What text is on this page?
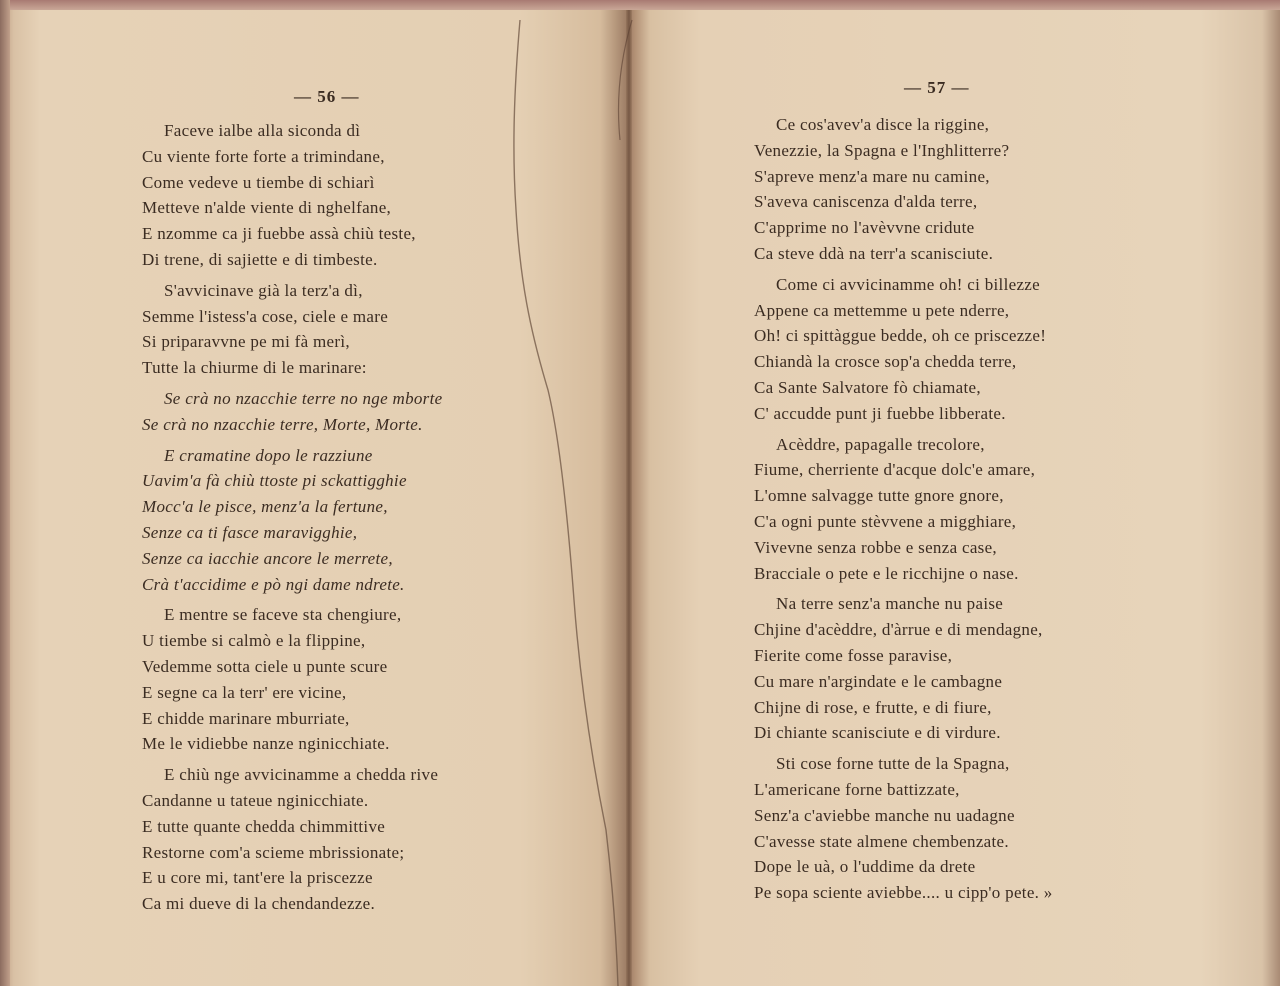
— 56 —
Faceve ialbe alla siconda dì
Cu viente forte forte a trimindane,
Come vedeve u tiembe di schiarì
Metteve n'alde viente di nghelfane,
E nzomme ca ji fuebbe assà chiù teste,
Di trene, di sajiette e di timbeste.
S'avvicinave già la terz'a dì,
Semme l'istess'a cose, ciele e mare
Si priparavvne pe mi fà merì,
Tutte la chiurme di le marinare:
Se crà no nzacchie terre no nge mborte
Se crà no nzacchie terre, Morte, Morte.
E cramatine dopo le razziune
Uavim'a fà chiù ttoste pi sckattigghie
Mocc'a le pisce, menz'a la fertune,
Senze ca ti fasce maravigghie,
Senze ca iacchie ancore le merrete,
Crà t'accidime e pò ngi dame ndrete.
E mentre se faceve sta chengiure,
U tiembe si calmò e la flippine,
Vedemme sotta ciele u punte scure
E segne ca la terr' ere vicine,
E chidde marinare mburriate,
Me le vidiebbe nanze nginicchiate.
E chiù nge avvicinamme a chedda rive
Candanne u tateue nginicchiate.
E tutte quante chedda chimmittive
Restorne com'a scieme mbrissionate;
E u core mi, tant'ere la priscezze
Ca mi dueve di la chendandezze.
— 57 —
Ce cos'avev'a disce la riggine,
Venezzie, la Spagna e l'Inghlitterre?
S'apreve menz'a mare nu camine,
S'aveva caniscenza d'alda terre,
C'apprime no l'avèvvne cridute
Ca steve ddà na terr'a scanisciute.
Come ci avvicinamme oh! ci billezze
Appene ca mettemme u pete nderre,
Oh! ci spittàggue bedde, oh ce priscezze!
Chiandà la crosce sop'a chedda terre,
Ca Sante Salvatore fò chiamate,
C' accudde punt ji fuebbe libberate.
Acèddre, papagalle trecolore,
Fiume, cherriente d'acque dolc'e amare,
L'omne salvagge tutte gnore gnore,
C'a ogni punte stèvvene a migghiare,
Vivevne senza robbe e senza case,
Bracciale o pete e le ricchijne o nase.
Na terre senz'a manche nu paise
Chjine d'acèddre, d'àrrue e di mendagne,
Fierite come fosse paravise,
Cu mare n'argindate e le cambagne
Chijne di rose, e frutte, e di fiure,
Di chiante scanisciute e di virdure.
Sti cose forne tutte de la Spagna,
L'americane forne battizzate,
Senz'a c'aviebbe manche nu uadagne
C'avesse state almene chembenzate.
Dope le uà, o l'uddime da drete
Pe sopa sciente aviebbe.... u cipp'o pete. »
